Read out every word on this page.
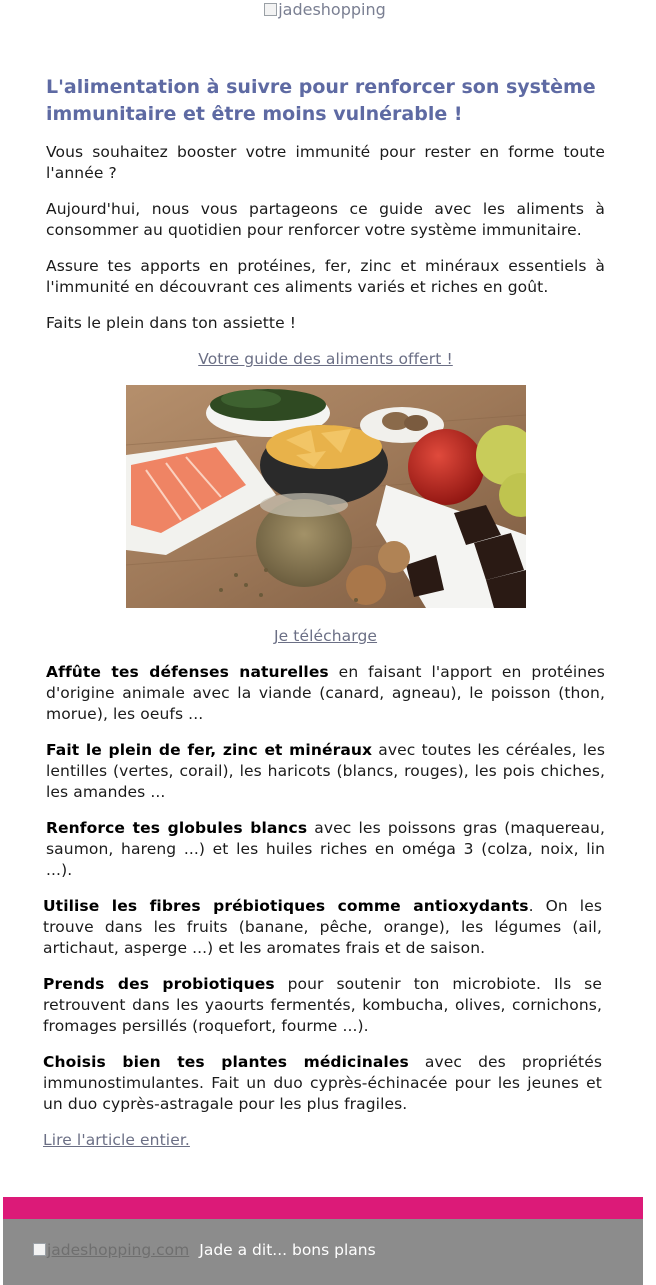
jadeshopping
L'alimentation à suivre pour renforcer son système immunitaire et être moins vulnérable !

Vous souhaitez booster votre immunité pour rester en forme toute l'année ?

Aujourd'hui, nous vous partageons ce guide avec les aliments à consommer au quotidien pour renforcer votre système immunitaire.

Assure tes apports en protéines, fer, zinc et minéraux essentiels à l'immunité en découvrant ces aliments variés et riches en goût.

Faits le plein dans ton assiette !

Votre guide des aliments offert !

Je télécharge

Affûte tes défenses naturelles en faisant l'apport en protéines d'origine animale avec la viande (canard, agneau), le poisson (thon, morue), les oeufs ...

Fait le plein de fer, zinc et minéraux avec toutes les céréales, les lentilles (vertes, corail), les haricots (blancs, rouges), les pois chiches, les amandes ...

Renforce tes globules blancs avec les poissons gras (maquereau, saumon, hareng ...) et les huiles riches en oméga 3 (colza, noix, lin ...).

Utilise les fibres prébiotiques comme antioxydants. On les trouve dans les fruits (banane, pêche, orange), les légumes (ail, artichaut, asperge ...) et les aromates frais et de saison.

Prends des probiotiques pour soutenir ton microbiote. Ils se retrouvent dans les yaourts fermentés, kombucha, olives, cornichons, fromages persillés (roquefort, fourme ...).

Choisis bien tes plantes médicinales avec des propriétés immunostimulantes. Fait un duo cyprès-échinacée pour les jeunes et un duo cyprès-astragale pour les plus fragiles.

Lire l'article entier.

jadeshopping.com Jade a dit... bons plans
